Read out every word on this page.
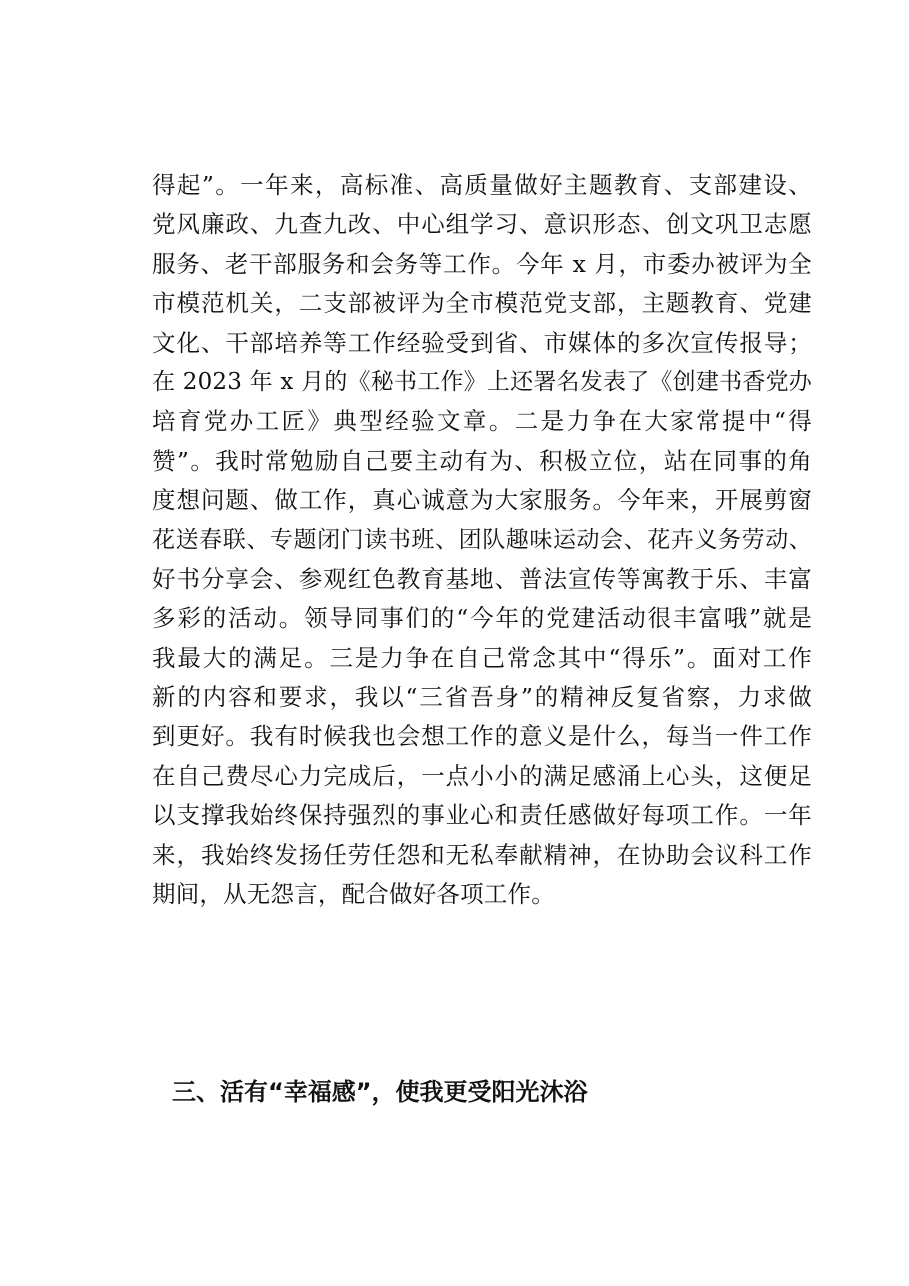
得起”。一年来，高标准、高质量做好主题教育、支部建设、
党风廉政、九查九改、中心组学习、意识形态、创文巩卫志愿
服务、老干部服务和会务等工作。今年 x 月，市委办被评为全
市模范机关，二支部被评为全市模范党支部，主题教育、党建
文化、干部培养等工作经验受到省、市媒体的多次宣传报导；
在 2023 年 x 月的《秘书工作》上还署名发表了《创建书香党办
培育党办工匠》典型经验文章。二是力争在大家常提中“得
赞”。我时常勉励自己要主动有为、积极立位，站在同事的角
度想问题、做工作，真心诚意为大家服务。今年来，开展剪窗
花送春联、专题闭门读书班、团队趣味运动会、花卉义务劳动、
好书分享会、参观红色教育基地、普法宣传等寓教于乐、丰富
多彩的活动。领导同事们的“今年的党建活动很丰富哦”就是
我最大的满足。三是力争在自己常念其中“得乐”。面对工作
新的内容和要求，我以“三省吾身”的精神反复省察，力求做
到更好。我有时候我也会想工作的意义是什么，每当一件工作
在自己费尽心力完成后，一点小小的满足感涌上心头，这便足
以支撑我始终保持强烈的事业心和责任感做好每项工作。一年
来，我始终发扬任劳任怨和无私奉献精神，在协助会议科工作
期间，从无怨言，配合做好各项工作。
三、活有“幸福感”，使我更受阳光沐浴
